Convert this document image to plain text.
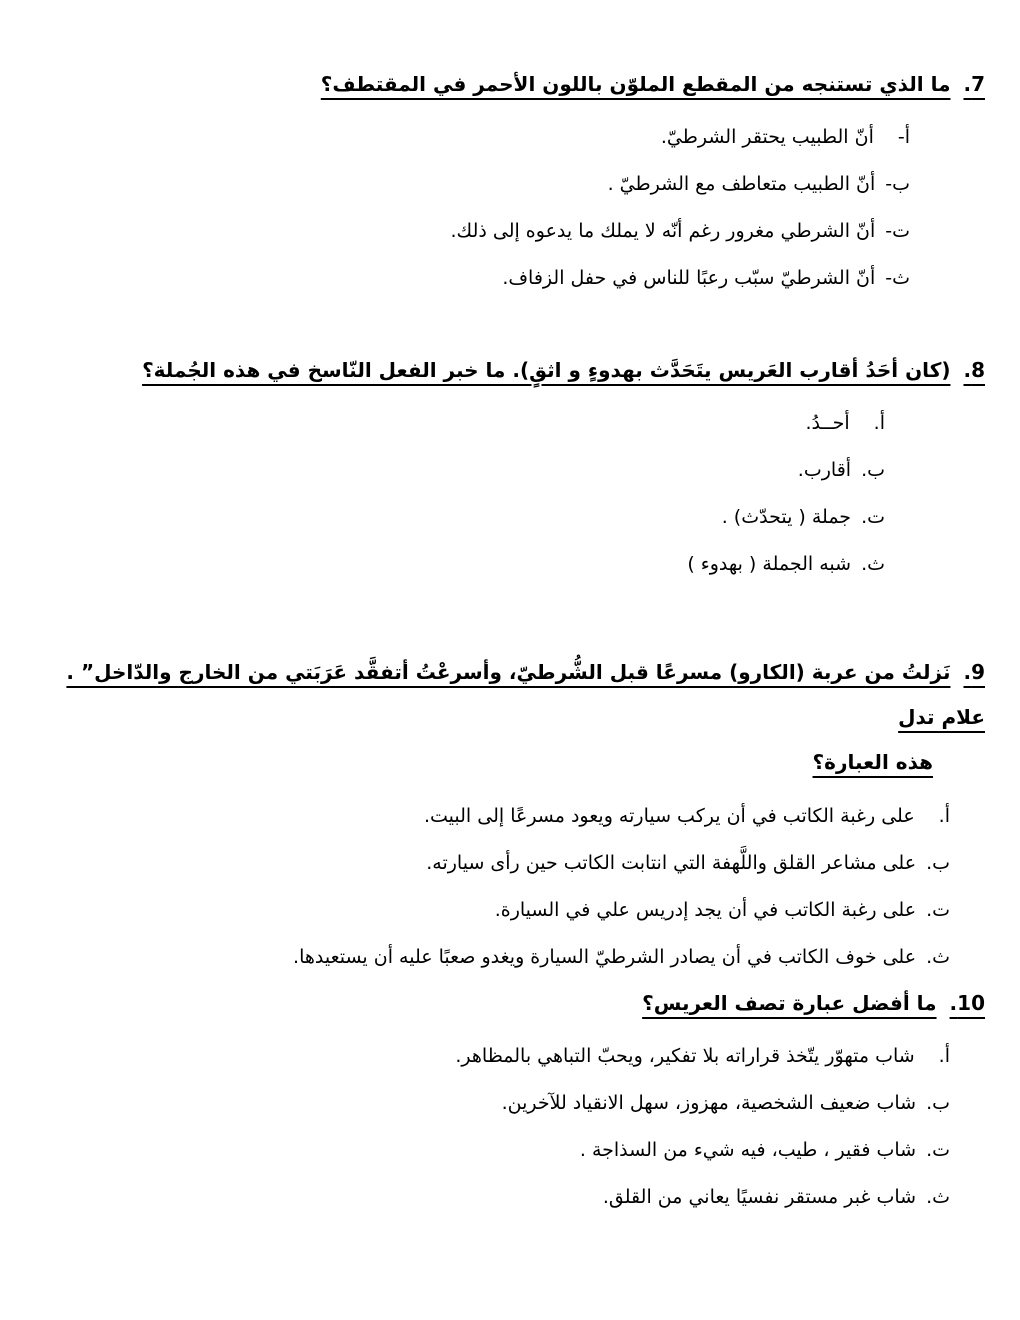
7.ما الذي تستنجه من المقطع الملوّن باللون الأحمر في المقتطف؟
أ-أنّ الطبيب يحتقر الشرطيّ.
ب-أنّ الطبيب متعاطف مع الشرطيّ .
ت-أنّ الشرطي مغرور رغم أنّه لا يملك ما يدعوه إلى ذلك.
ث-أنّ الشرطيّ سبّب رعبًا للناس في حفل الزفاف.
8.(كان أحَدُ أقارب العَريس يتَحَدَّث بهدوءٍ و اثقٍ). ما خبر الفعل النّاسخ في هذه الجُملة؟
أ.أحــدُ.
ب.أقارب.
ت.جملة ( يتحدّث) .
ث.شبه الجملة ( بهدوء )
9.نَزلتُ من عربة (الكارو) مسرعًا قبل الشُّرطيّ، وأسرعْتُ أتفقَّد عَرَبَتي من الخارج والدّاخل” . علام تدل
هذه العبارة؟
أ.على رغبة الكاتب في أن يركب سيارته ويعود مسرعًا إلى البيت.
ب.على مشاعر القلق واللَّهفة التي انتابت الكاتب حين رأى سيارته.
ت.على رغبة الكاتب في أن يجد إدريس علي في السيارة.
ث.على خوف الكاتب في أن يصادر الشرطيّ السيارة ويغدو صعبًا عليه أن يستعيدها.
10.ما أفضل عبارة تصف العريس؟
أ.شاب متهوّر يتّخذ قراراته بلا تفكير، ويحبّ التباهي بالمظاهر.
ب.شاب ضعيف الشخصية، مهزوز، سهل الانقياد للآخرين.
ت.شاب فقير ، طيب، فيه شيء من السذاجة .
ث.شاب غبر مستقر نفسيًا يعاني من القلق.
